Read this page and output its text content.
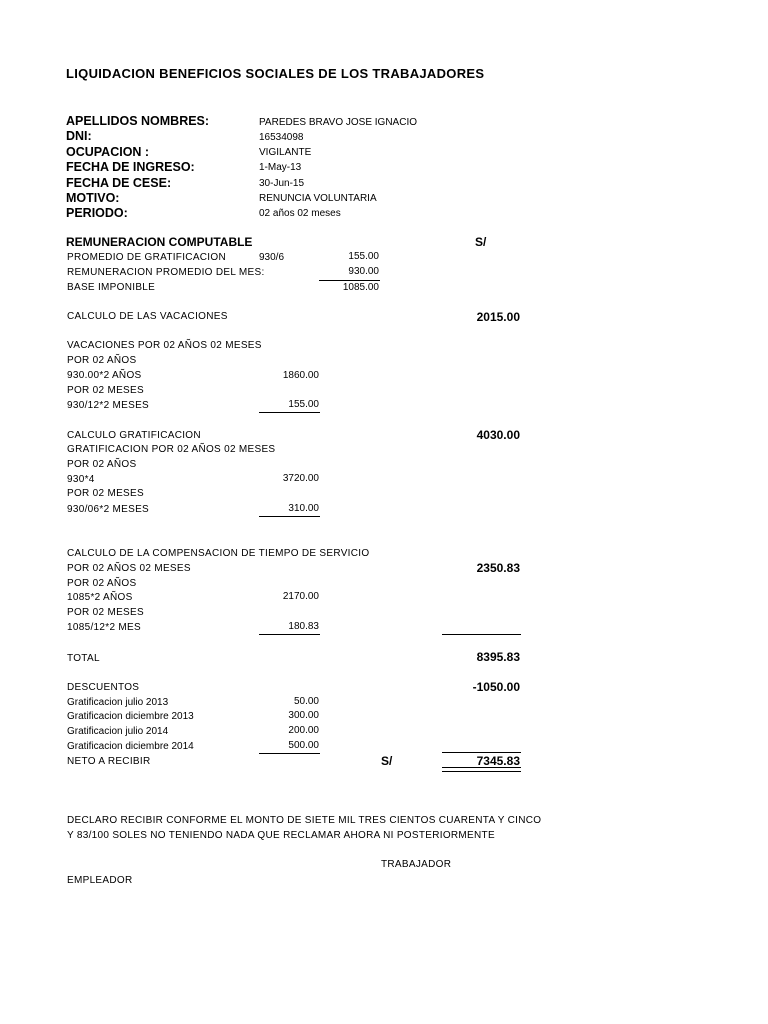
LIQUIDACION BENEFICIOS SOCIALES DE LOS TRABAJADORES
APELLIDOS NOMBRES:	PAREDES BRAVO JOSE IGNACIO
DNI:	16534098
OCUPACION :	VIGILANTE
FECHA DE INGRESO:	1-May-13
FECHA DE CESE:	30-Jun-15
MOTIVO:	RENUNCIA VOLUNTARIA
PERIODO:	02 años 02 meses
REMUNERACION COMPUTABLE	S/
PROMEDIO DE GRATIFICACION	930/6	155.00
REMUNERACION PROMEDIO DEL MES:	930.00
BASE IMPONIBLE	1085.00
CALCULO DE LAS VACACIONES	2015.00
VACACIONES POR 02 AÑOS 02 MESES
POR 02 AÑOS
930.00*2 AÑOS	1860.00
POR 02 MESES
930/12*2 MESES	155.00
CALCULO GRATIFICACION	4030.00
GRATIFICACION POR 02 AÑOS 02 MESES
POR 02 AÑOS
930*4	3720.00
POR 02 MESES
930/06*2 MESES	310.00
CALCULO DE LA COMPENSACION DE TIEMPO DE SERVICIO
POR 02 AÑOS 02 MESES	2350.83
POR 02 AÑOS
1085*2 AÑOS	2170.00
POR 02 MESES
1085/12*2 MES	180.83
TOTAL	8395.83
DESCUENTOS	-1050.00
Gratificacion julio 2013	50.00
Gratificacion diciembre 2013	300.00
Gratificacion julio 2014	200.00
Gratificacion diciembre 2014	500.00
NETO A RECIBIR	S/	7345.83
DECLARO RECIBIR CONFORME EL MONTO DE SIETE MIL TRES CIENTOS CUARENTA Y CINCO
Y 83/100 SOLES NO TENIENDO NADA QUE RECLAMAR AHORA NI POSTERIORMENTE
TRABAJADOR
EMPLEADOR
